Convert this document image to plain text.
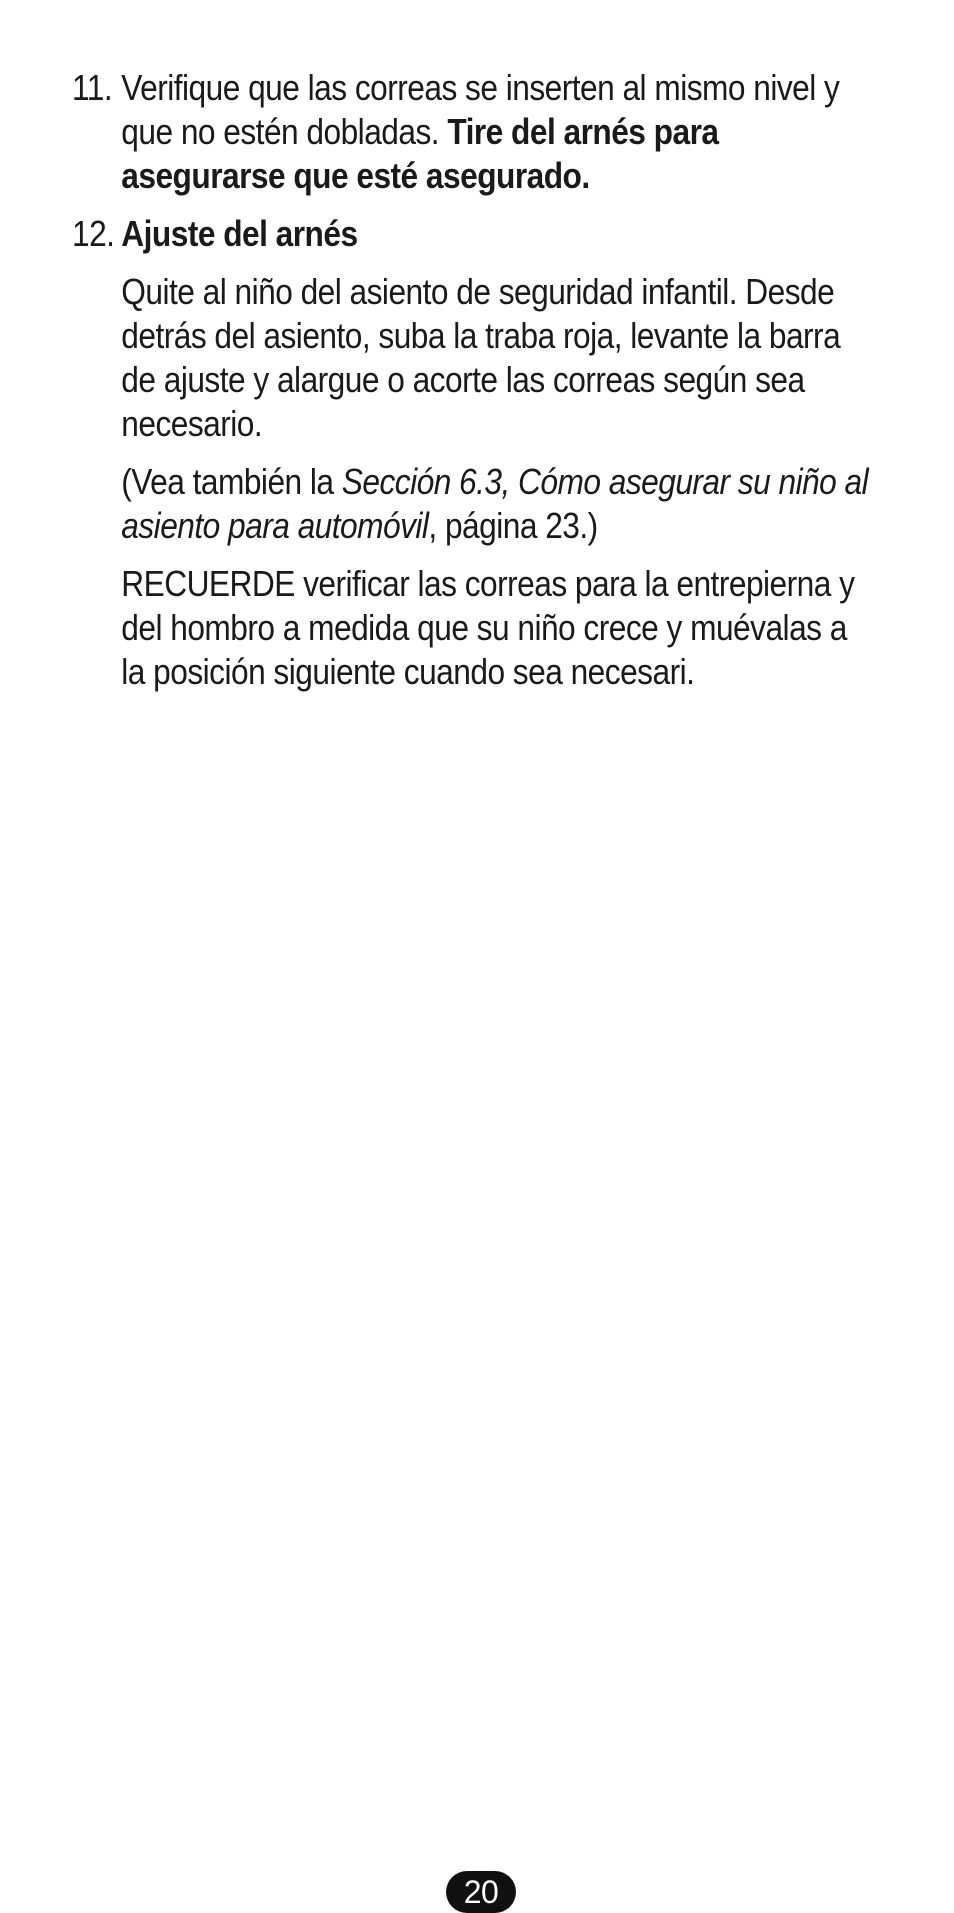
11. Verifique que las correas se inserten al mismo nivel y que no estén dobladas. Tire del arnés para asegurarse que esté asegurado.
12. Ajuste del arnés
Quite al niño del asiento de seguridad infantil. Desde detrás del asiento, suba la traba roja, levante la barra de ajuste y alargue o acorte las correas según sea necesario.
(Vea también la Sección 6.3, Cómo asegurar su niño al asiento para automóvil, página 23.)
RECUERDE verificar las correas para la entrepierna y del hombro a medida que su niño crece y muévalas a la posición siguiente cuando sea necesari.
20
